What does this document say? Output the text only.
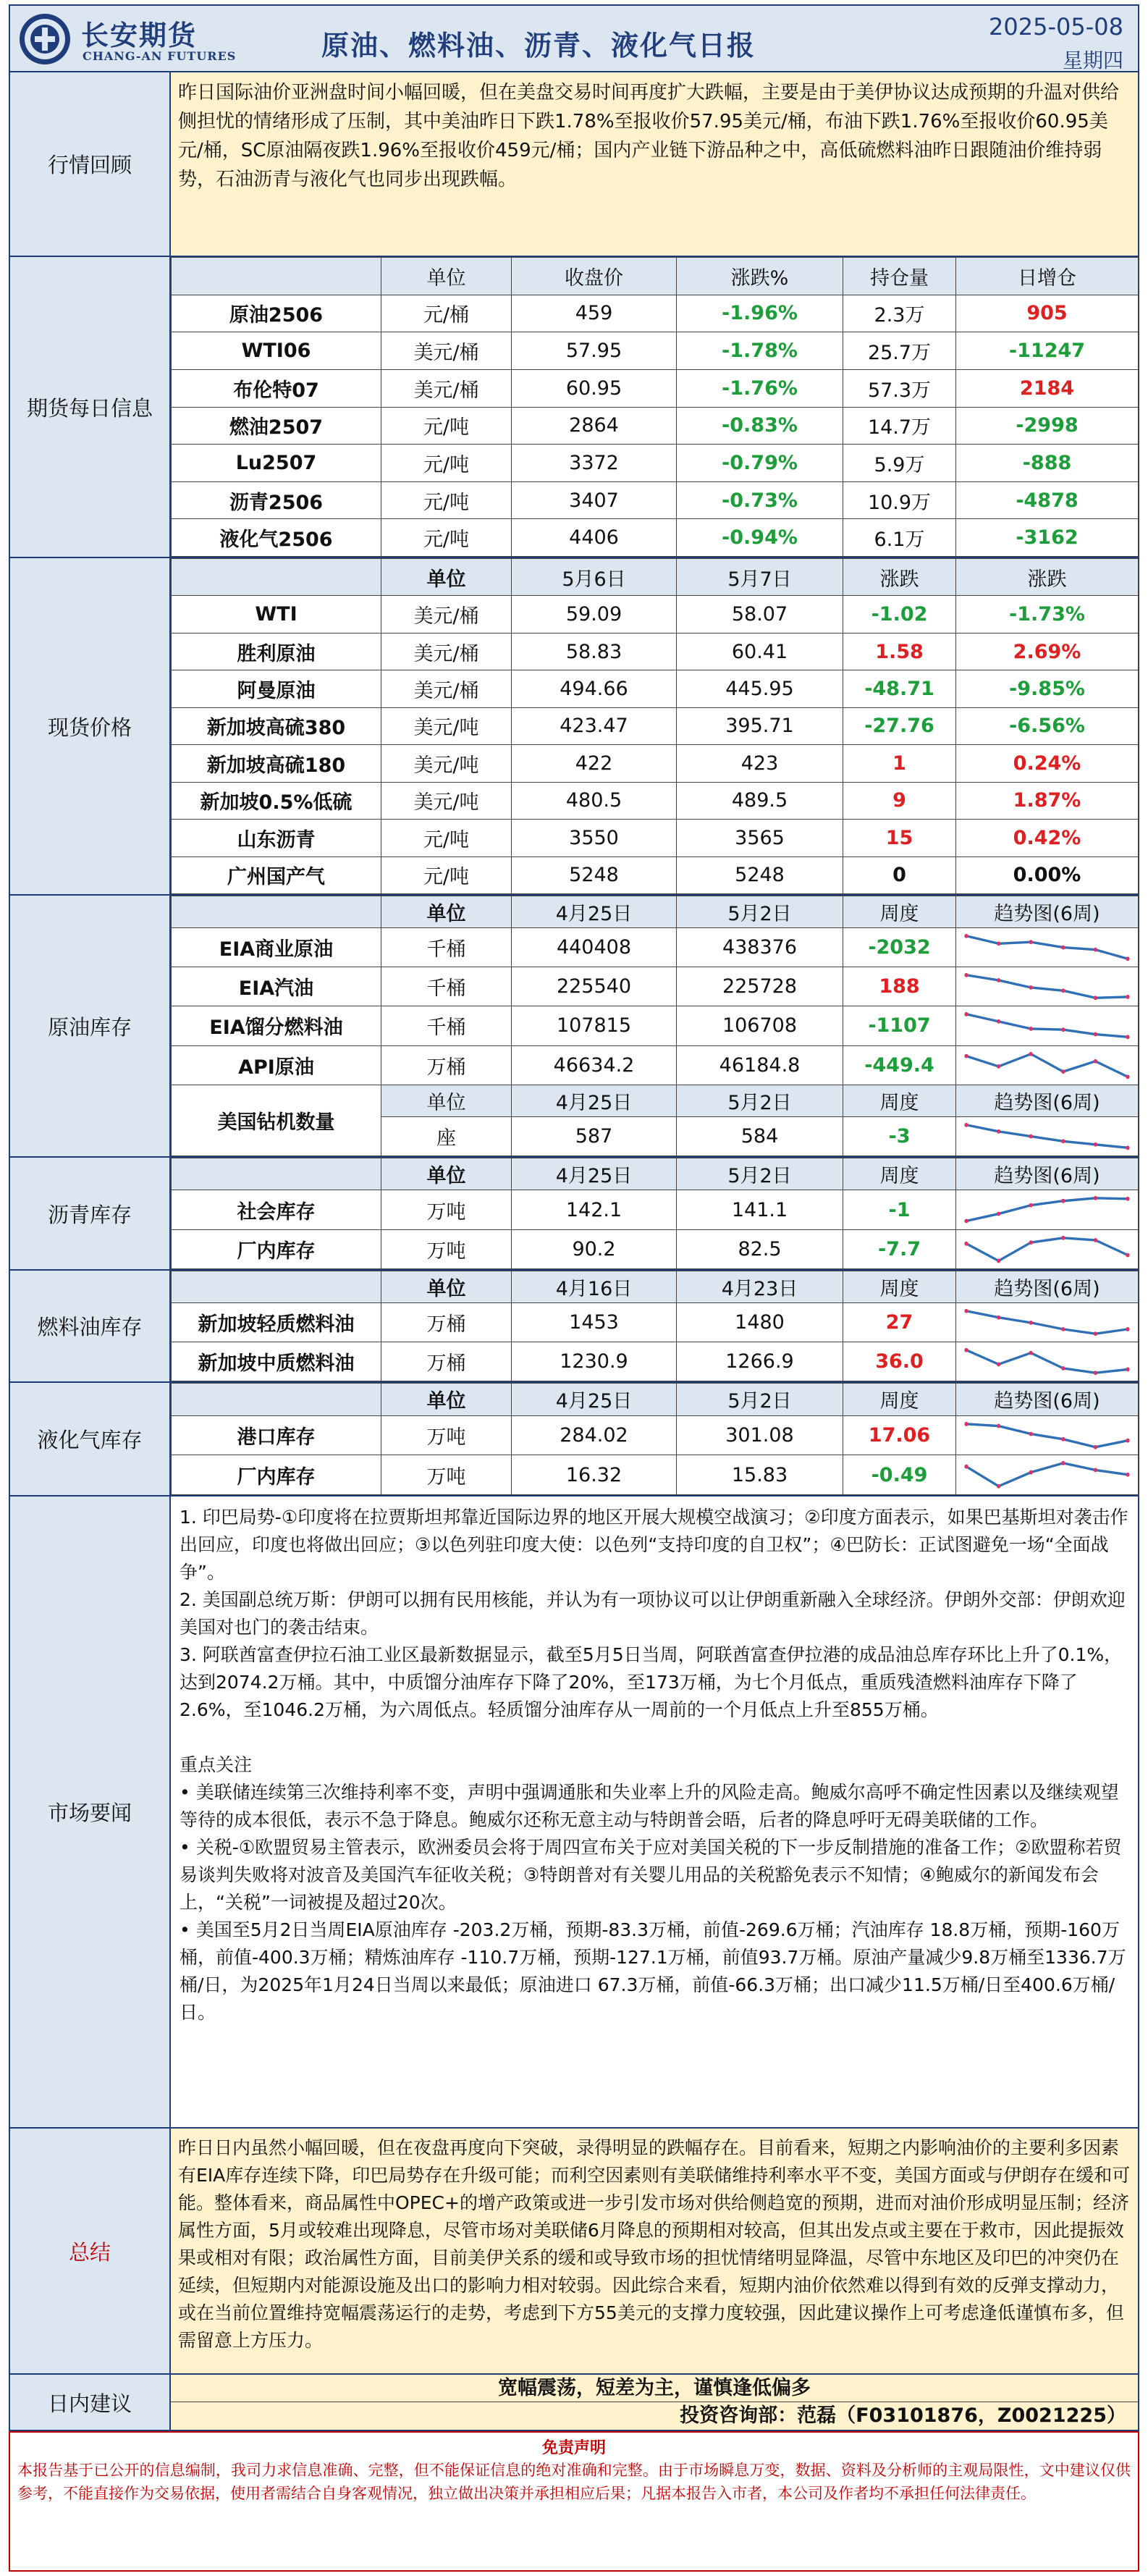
长安期货
CHANG-AN FUTURES	原油、燃料油、沥青、液化气日报
2025-05-08
星期四
行情回顾
昨日国际油价亚洲盘时间小幅回暖，但在美盘交易时间再度扩大跌幅，主要是由于美伊协议达成预期的升温对供给侧担忧的情绪形成了压制，其中美油昨日下跌1.78%至报收价57.95美元/桶，布油下跌1.76%至报收价60.95美元/桶，SC原油隔夜跌1.96%至报收价459元/桶；国内产业链下游品种之中，高低硫燃料油昨日跟随油价维持弱势，石油沥青与液化气也同步出现跌幅。
期货每日信息
	单位	收盘价	涨跌%	持仓量	日增仓
原油2506	元/桶	459	-1.96%	2.3万	905
WTI06	美元/桶	57.95	-1.78%	25.7万	-11247
布伦特07	美元/桶	60.95	-1.76%	57.3万	2184
燃油2507	元/吨	2864	-0.83%	14.7万	-2998
Lu2507	元/吨	3372	-0.79%	5.9万	-888
沥青2506	元/吨	3407	-0.73%	10.9万	-4878
液化气2506	元/吨	4406	-0.94%	6.1万	-3162
现货价格
	单位	5月6日	5月7日	涨跌	涨跌
WTI	美元/桶	59.09	58.07	-1.02	-1.73%
胜利原油	美元/桶	58.83	60.41	1.58	2.69%
阿曼原油	美元/桶	494.66	445.95	-48.71	-9.85%
新加坡高硫380	美元/吨	423.47	395.71	-27.76	-6.56%
新加坡高硫180	美元/吨	422	423	1	0.24%
新加坡0.5%低硫	美元/吨	480.5	489.5	9	1.87%
山东沥青	元/吨	3550	3565	15	0.42%
广州国产气	元/吨	5248	5248	0	0.00%
原油库存
	单位	4月25日	5月2日	周度	趋势图(6周)
EIA商业原油	千桶	440408	438376	-2032	

EIA汽油	千桶	225540	225728	188	

EIA馏分燃料油	千桶	107815	106708	-1107	

API原油	万桶	46634.2	46184.8	-449.4	

美国钻机数量	单位	4月25日	5月2日	周度	趋势图(6周)
	座	587	584	-3	
沥青库存
	单位	4月25日	5月2日	周度	趋势图(6周)
社会库存	万吨	142.1	141.1	-1	

厂内库存	万吨	90.2	82.5	-7.7	
燃料油库存
	单位	4月16日	4月23日	周度	趋势图(6周)
新加坡轻质燃料油	万桶	1453	1480	27	

新加坡中质燃料油	万桶	1230.9	1266.9	36.0	
液化气库存
	单位	4月25日	5月2日	周度	趋势图(6周)
港口库存	万吨	284.02	301.08	17.06	

厂内库存	万吨	16.32	15.83	-0.49	
市场要闻

1. 印巴局势-①印度将在拉贾斯坦邦靠近国际边界的地区开展大规模空战演习；②印度方面表示，如果巴基斯坦对袭击作出回应，印度也将做出回应；③以色列驻印度大使：以色列“支持印度的自卫权”；④巴防长：正试图避免一场“全面战争”。

2. 美国副总统万斯：伊朗可以拥有民用核能，并认为有一项协议可以让伊朗重新融入全球经济。伊朗外交部：伊朗欢迎美国对也门的袭击结束。

3. 阿联酋富查伊拉石油工业区最新数据显示，截至5月5日当周，阿联酋富查伊拉港的成品油总库存环比上升了0.1%，达到2074.2万桶。其中，中质馏分油库存下降了20%，至173万桶，为七个月低点，重质残渣燃料油库存下降了2.6%，至1046.2万桶，为六周低点。轻质馏分油库存从一周前的一个月低点上升至855万桶。

重点关注

• 美联储连续第三次维持利率不变，声明中强调通胀和失业率上升的风险走高。鲍威尔高呼不确定性因素以及继续观望等待的成本很低，表示不急于降息。鲍威尔还称无意主动与特朗普会晤，后者的降息呼吁无碍美联储的工作。

• 关税-①欧盟贸易主管表示，欧洲委员会将于周四宣布关于应对美国关税的下一步反制措施的准备工作；②欧盟称若贸易谈判失败将对波音及美国汽车征收关税；③特朗普对有关婴儿用品的关税豁免表示不知情；④鲍威尔的新闻发布会上，“关税”一词被提及超过20次。

• 美国至5月2日当周EIA原油库存 -203.2万桶，预期-83.3万桶，前值-269.6万桶；汽油库存 18.8万桶，预期-160万桶，前值-400.3万桶；精炼油库存 -110.7万桶，预期-127.1万桶，前值93.7万桶。原油产量减少9.8万桶至1336.7万桶/日，为2025年1月24日当周以来最低；原油进口 67.3万桶，前值-66.3万桶；出口减少11.5万桶/日至400.6万桶/日。

总结
昨日日内虽然小幅回暖，但在夜盘再度向下突破，录得明显的跌幅存在。目前看来，短期之内影响油价的主要利多因素有EIA库存连续下降，印巴局势存在升级可能；而利空因素则有美联储维持利率水平不变，美国方面或与伊朗存在缓和可能。整体看来，商品属性中OPEC+的增产政策或进一步引发市场对供给侧趋宽的预期，进而对油价形成明显压制；经济属性方面，5月或较难出现降息，尽管市场对美联储6月降息的预期相对较高，但其出发点或主要在于救市，因此提振效果或相对有限；政治属性方面，目前美伊关系的缓和或导致市场的担忧情绪明显降温，尽管中东地区及印巴的冲突仍在延续，但短期内对能源设施及出口的影响力相对较弱。因此综合来看，短期内油价依然难以得到有效的反弹支撑动力，或在当前位置维持宽幅震荡运行的走势，考虑到下方55美元的支撑力度较强，因此建议操作上可考虑逢低谨慎布多，但需留意上方压力。
日内建议
宽幅震荡，短差为主，谨慎逢低偏多
投资咨询部：范磊（F03101876，Z0021225）
免责声明
本报告基于已公开的信息编制，我司力求信息准确、完整，但不能保证信息的绝对准确和完整。由于市场瞬息万变，数据、资料及分析师的主观局限性，文中建议仅供参考，不能直接作为交易依据，使用者需结合自身客观情况，独立做出决策并承担相应后果；凡据本报告入市者，本公司及作者均不承担任何法律责任。
